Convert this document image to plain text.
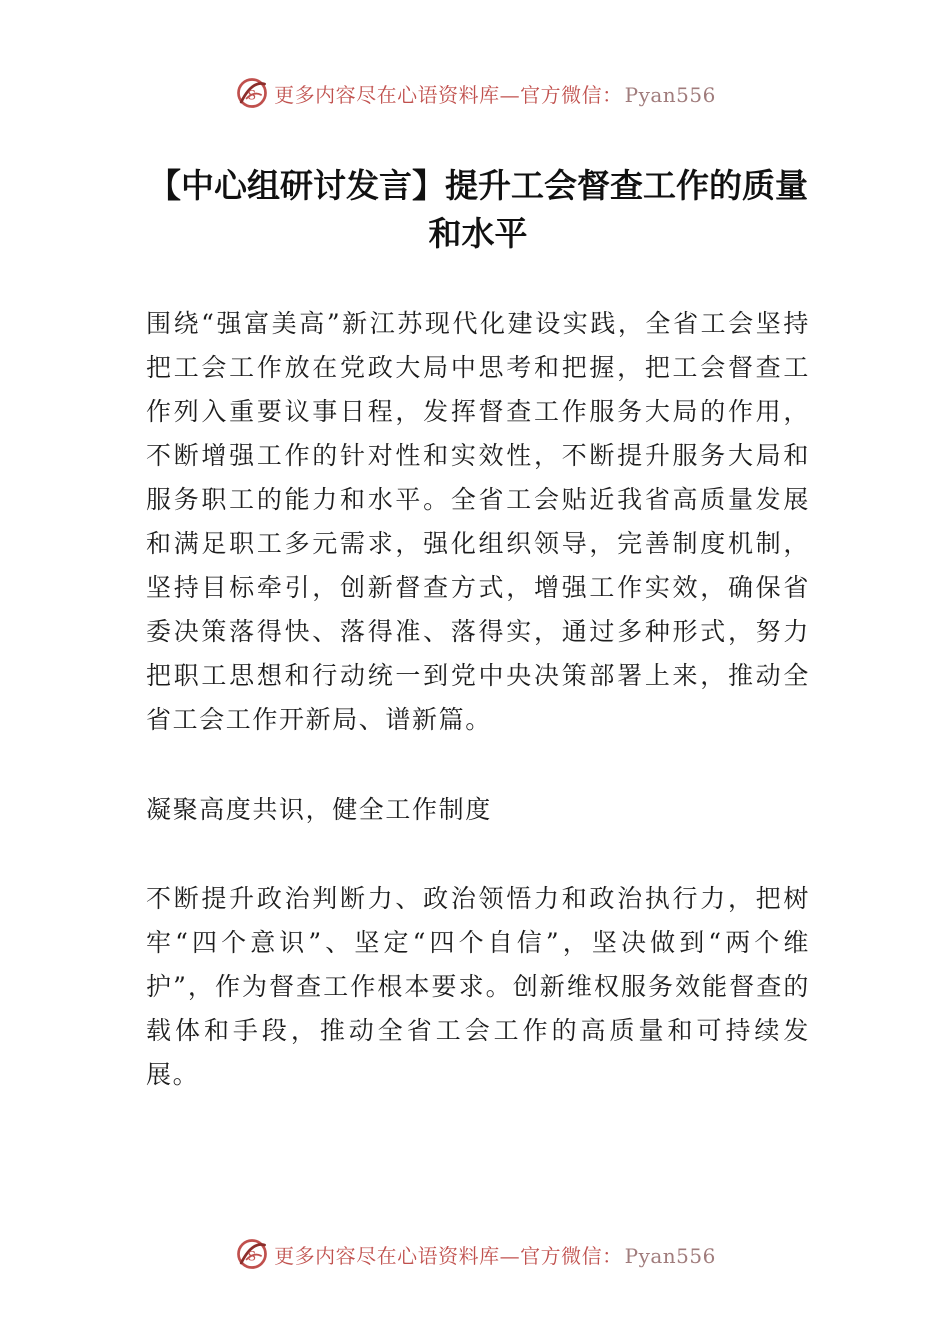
S 更多内容尽在心语资料库—官方微信： Pyan556
【中心组研讨发言】提升工会督查工作的质量和水平
围绕“强富美高”新江苏现代化建设实践，全省工会坚持把工会工作放在党政大局中思考和把握，把工会督查工作列入重要议事日程，发挥督查工作服务大局的作用，不断增强工作的针对性和实效性，不断提升服务大局和服务职工的能力和水平。全省工会贴近我省高质量发展和满足职工多元需求，强化组织领导，完善制度机制，坚持目标牵引，创新督查方式，增强工作实效，确保省委决策落得快、落得准、落得实，通过多种形式，努力把职工思想和行动统一到党中央决策部署上来，推动全省工会工作开新局、谱新篇。
凝聚高度共识，健全工作制度
不断提升政治判断力、政治领悟力和政治执行力，把树牢“四个意识”、坚定“四个自信”，坚决做到“两个维护”，作为督查工作根本要求。创新维权服务效能督查的载体和手段，推动全省工会工作的高质量和可持续发展。
S 更多内容尽在心语资料库—官方微信： Pyan556
